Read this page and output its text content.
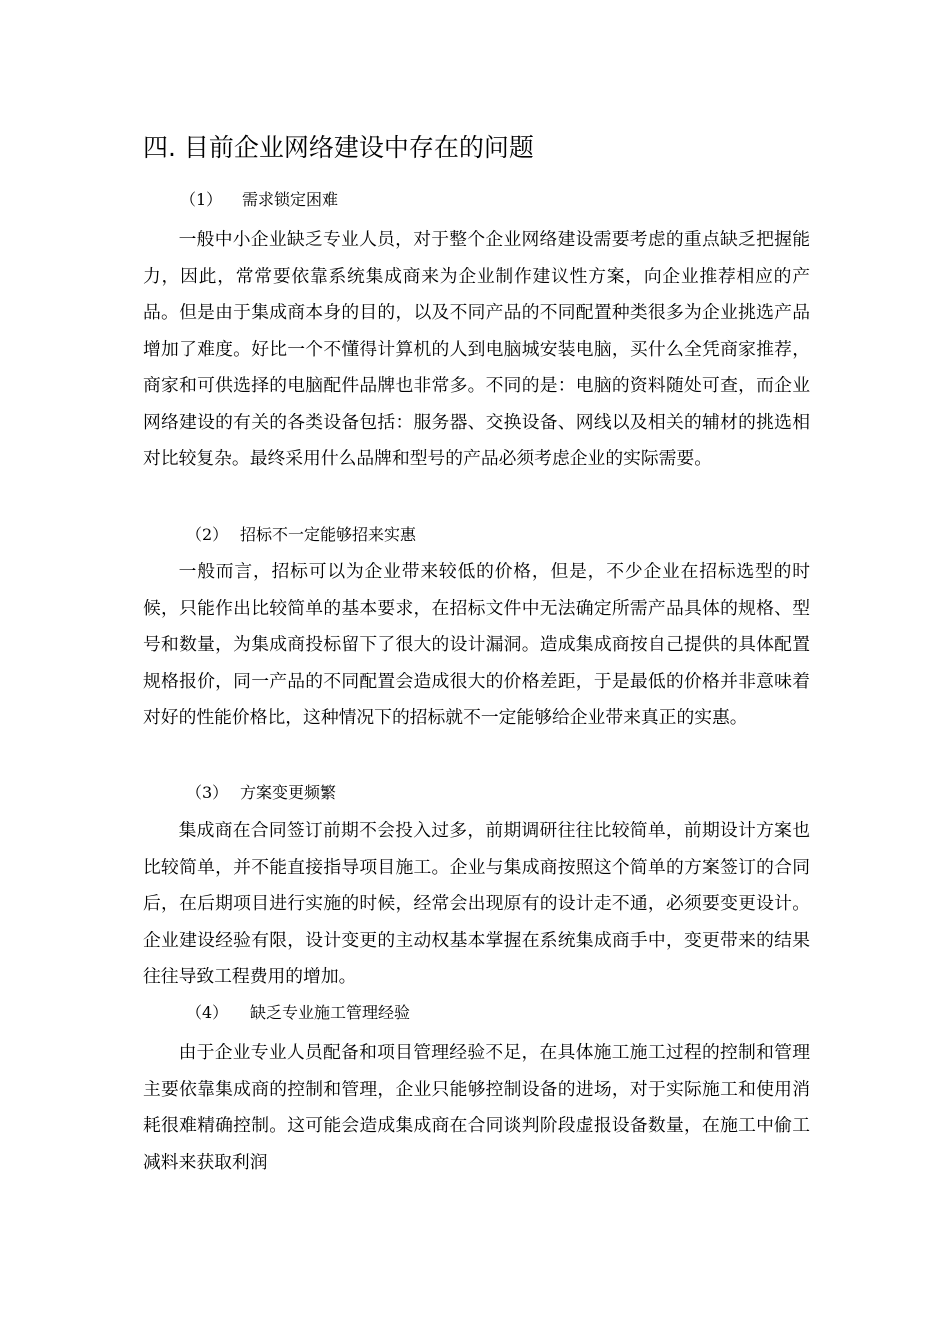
四. 目前企业网络建设中存在的问题
（1） 需求锁定困难

一般中小企业缺乏专业人员，对于整个企业网络建设需要考虑的重点缺乏把握能力，因此，常常要依靠系统集成商来为企业制作建议性方案，向企业推荐相应的产品。但是由于集成商本身的目的，以及不同产品的不同配置种类很多为企业挑选产品增加了难度。好比一个不懂得计算机的人到电脑城安装电脑，买什么全凭商家推荐，商家和可供选择的电脑配件品牌也非常多。不同的是：电脑的资料随处可查，而企业网络建设的有关的各类设备包括：服务器、交换设备、网线以及相关的辅材的挑选相对比较复杂。最终采用什么品牌和型号的产品必须考虑企业的实际需要。

（2） 招标不一定能够招来实惠

一般而言，招标可以为企业带来较低的价格，但是，不少企业在招标选型的时候，只能作出比较简单的基本要求，在招标文件中无法确定所需产品具体的规格、型号和数量，为集成商投标留下了很大的设计漏洞。造成集成商按自己提供的具体配置规格报价，同一产品的不同配置会造成很大的价格差距，于是最低的价格并非意味着对好的性能价格比，这种情况下的招标就不一定能够给企业带来真正的实惠。

（3） 方案变更频繁

集成商在合同签订前期不会投入过多，前期调研往往比较简单，前期设计方案也比较简单，并不能直接指导项目施工。企业与集成商按照这个简单的方案签订的合同后，在后期项目进行实施的时候，经常会出现原有的设计走不通，必须要变更设计。企业建设经验有限，设计变更的主动权基本掌握在系统集成商手中，变更带来的结果往往导致工程费用的增加。

（4） 缺乏专业施工管理经验

由于企业专业人员配备和项目管理经验不足，在具体施工施工过程的控制和管理主要依靠集成商的控制和管理，企业只能够控制设备的进场，对于实际施工和使用消耗很难精确控制。这可能会造成集成商在合同谈判阶段虚报设备数量，在施工中偷工减料来获取利润
